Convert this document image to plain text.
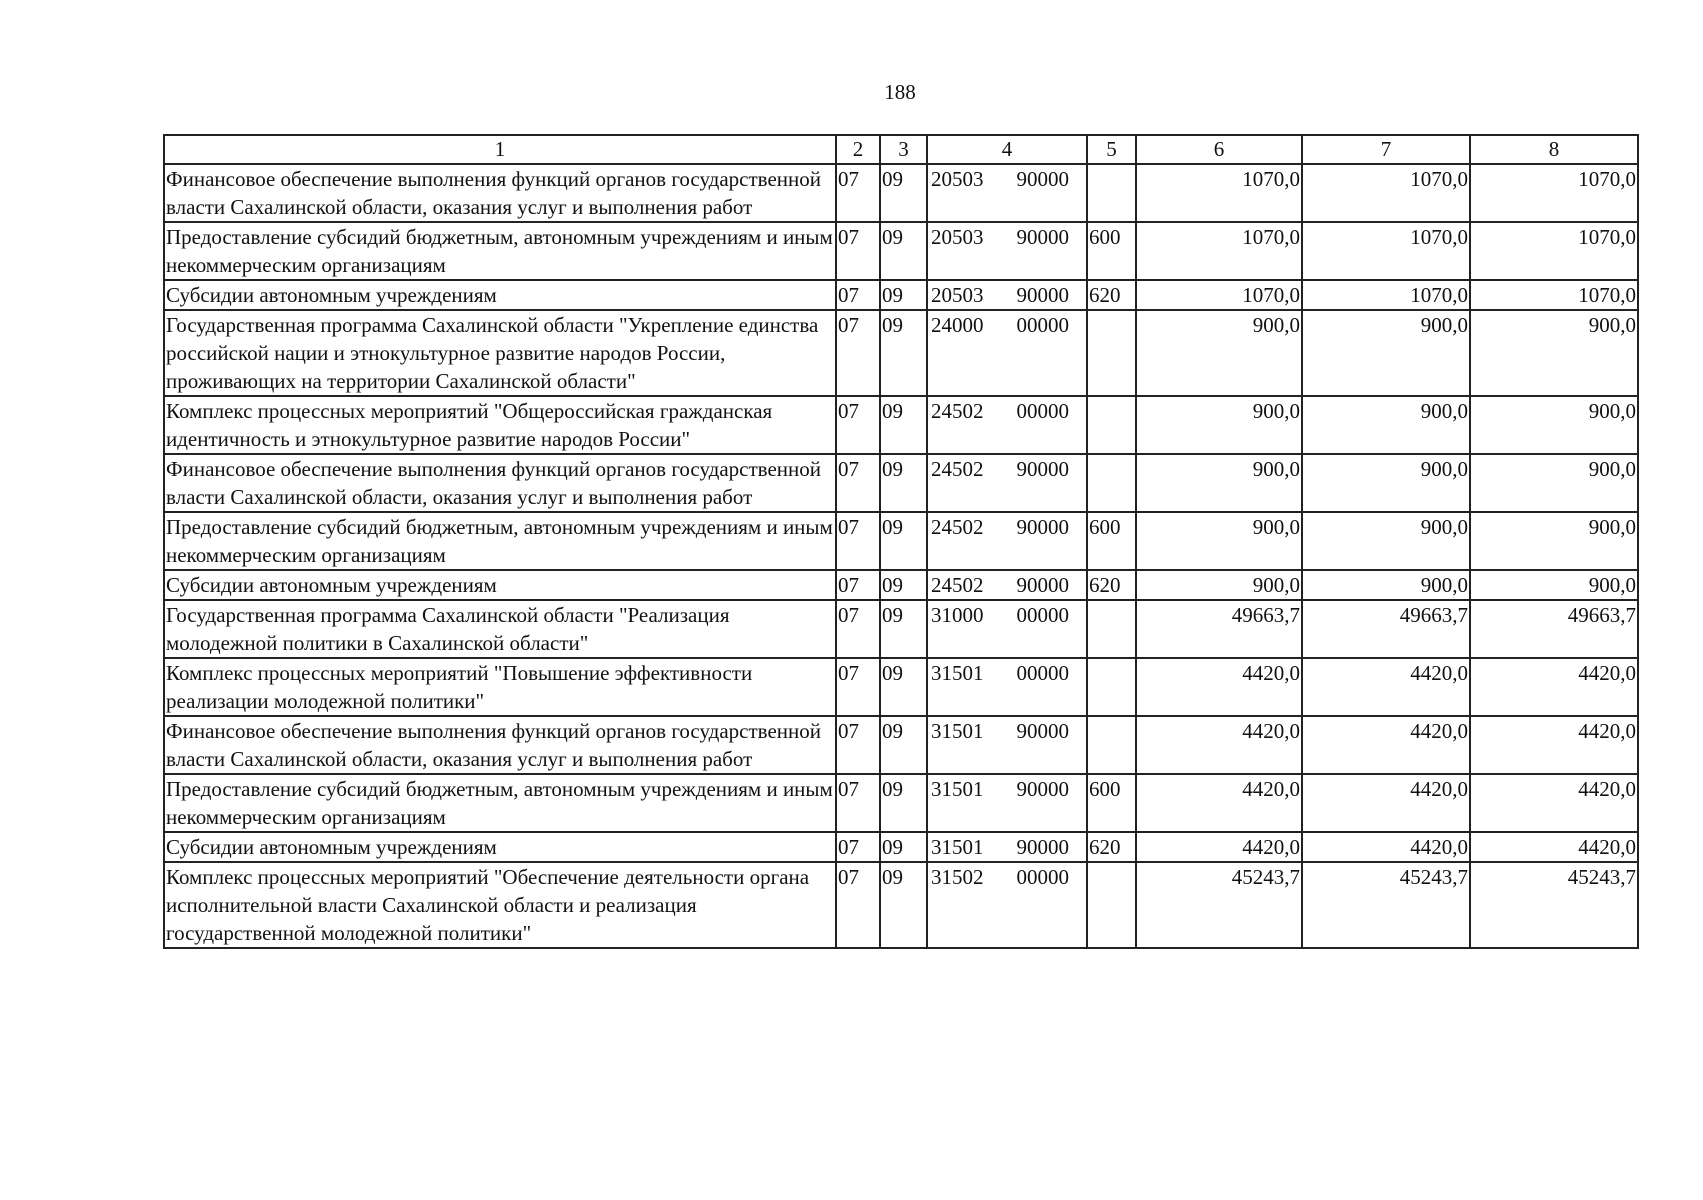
188
1	2	3	4	5	6	7	8
Финансовое обеспечение выполнения функций органов государственной власти Сахалинской области, оказания услуг и выполнения работ	07	09	20503 90000		1070,0	1070,0	1070,0
Предоставление субсидий бюджетным, автономным учреждениям и иным некоммерческим организациям	07	09	20503 90000	600	1070,0	1070,0	1070,0
Субсидии автономным учреждениям	07	09	20503 90000	620	1070,0	1070,0	1070,0
Государственная программа Сахалинской области "Укрепление единства российской нации и этнокультурное развитие народов России, проживающих на территории Сахалинской области"	07	09	24000 00000		900,0	900,0	900,0
Комплекс процессных мероприятий "Общероссийская гражданская идентичность и этнокультурное развитие народов России"	07	09	24502 00000		900,0	900,0	900,0
Финансовое обеспечение выполнения функций органов государственной власти Сахалинской области, оказания услуг и выполнения работ	07	09	24502 90000		900,0	900,0	900,0
Предоставление субсидий бюджетным, автономным учреждениям и иным некоммерческим организациям	07	09	24502 90000	600	900,0	900,0	900,0
Субсидии автономным учреждениям	07	09	24502 90000	620	900,0	900,0	900,0
Государственная программа Сахалинской области "Реализация молодежной политики в Сахалинской области"	07	09	31000 00000		49663,7	49663,7	49663,7
Комплекс процессных мероприятий "Повышение эффективности реализации молодежной политики"	07	09	31501 00000		4420,0	4420,0	4420,0
Финансовое обеспечение выполнения функций органов государственной власти Сахалинской области, оказания услуг и выполнения работ	07	09	31501 90000		4420,0	4420,0	4420,0
Предоставление субсидий бюджетным, автономным учреждениям и иным некоммерческим организациям	07	09	31501 90000	600	4420,0	4420,0	4420,0
Субсидии автономным учреждениям	07	09	31501 90000	620	4420,0	4420,0	4420,0
Комплекс процессных мероприятий "Обеспечение деятельности органа исполнительной власти Сахалинской области и реализация государственной молодежной политики"	07	09	31502 00000		45243,7	45243,7	45243,7
